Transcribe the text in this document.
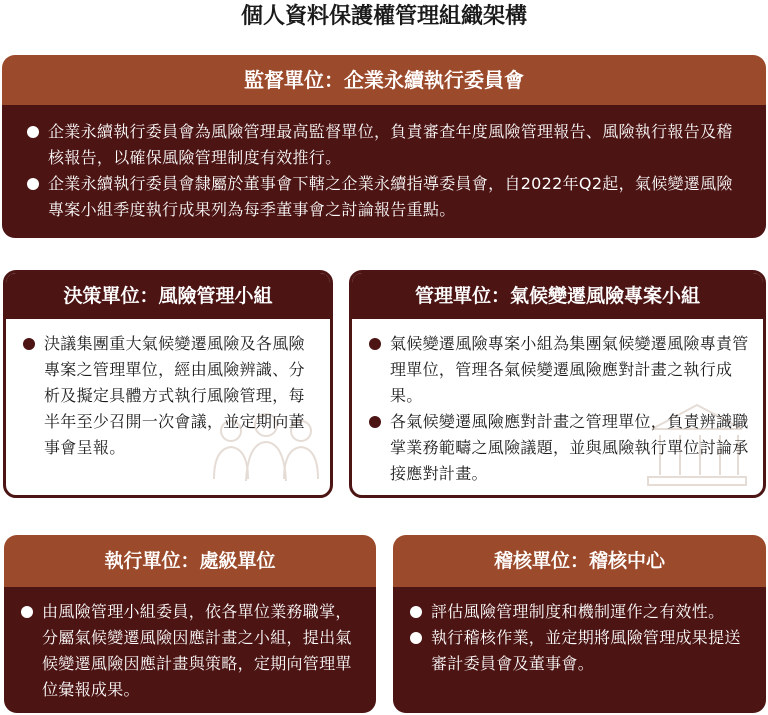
個人資料保護權管理組織架構
監督單位：企業永續執行委員會
企業永續執行委員會為風險管理最高監督單位，負責審查年度風險管理報告、風險執行報告及稽核報告，以確保風險管理制度有效推行。
企業永續執行委員會隸屬於董事會下轄之企業永續指導委員會，自2022年Q2起，氣候變遷風險專案小組季度執行成果列為每季董事會之討論報告重點。
決策單位：風險管理小組
決議集團重大氣候變遷風險及各風險專案之管理單位，經由風險辨識、分析及擬定具體方式執行風險管理，每半年至少召開一次會議，並定期向董事會呈報。
管理單位：氣候變遷風險專案小組
氣候變遷風險專案小組為集團氣候變遷風險專責管理單位，管理各氣候變遷風險應對計畫之執行成果。
各氣候變遷風險應對計畫之管理單位，負責辨識職掌業務範疇之風險議題，並與風險執行單位討論承接應對計畫。
執行單位：處級單位
由風險管理小組委員，依各單位業務職掌，分屬氣候變遷風險因應計畫之小組，提出氣候變遷風險因應計畫與策略，定期向管理單位彙報成果。
稽核單位：稽核中心
評估風險管理制度和機制運作之有效性。
執行稽核作業，並定期將風險管理成果提送審計委員會及董事會。
